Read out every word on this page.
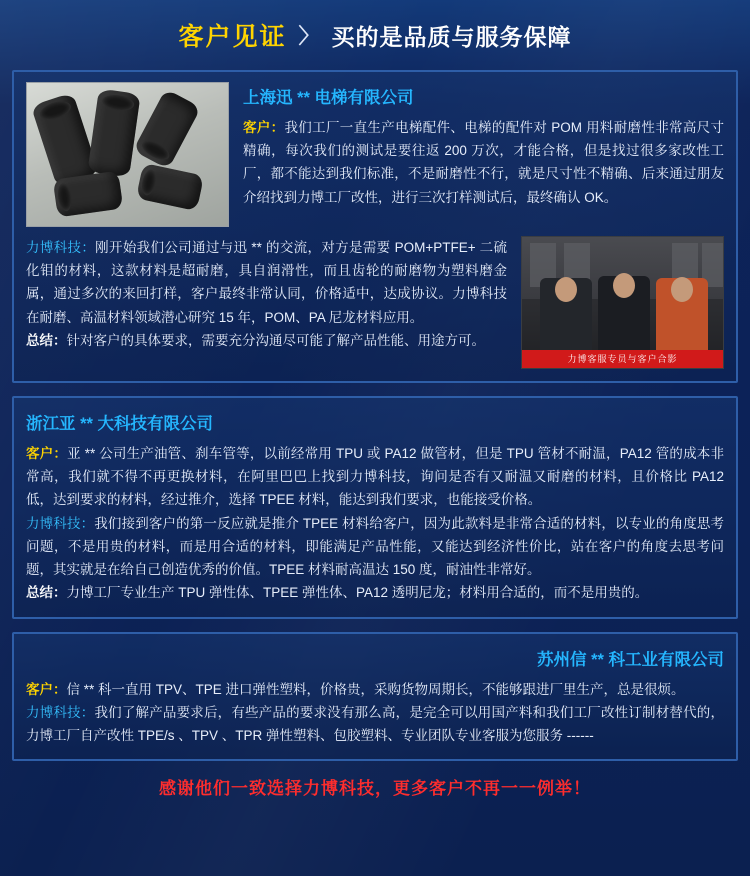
客户见证 〉 买的是品质与服务保障
上海迅 ** 电梯有限公司
客户：我们工厂一直生产电梯配件、电梯的配件对 POM 用料耐磨性非常高尺寸精确，每次我们的测试是要往返 200 万次，才能合格，但是找过很多家改性工厂，都不能达到我们标准，不是耐磨性不行，就是尺寸性不精确、后来通过朋友介绍找到力博工厂改性，进行三次打样测试后，最终确认 OK。
力博科技：刚开始我们公司通过与迅 ** 的交流，对方是需要 POM+PTFE+ 二硫化钼的材料，这款材料是超耐磨，具自润滑性，而且齿轮的耐磨物为塑料磨金属，通过多次的来回打样，客户最终非常认同，价格适中，达成协议。力博科技在耐磨、高温材料领域潜心研究 15 年，POM、PA 尼龙材料应用。
总结：针对客户的具体要求，需要充分沟通尽可能了解产品性能、用途方可。
力博客服专员与客户合影
浙江亚 ** 大科技有限公司
客户：亚 ** 公司生产油管、刹车管等，以前经常用 TPU 或 PA12 做管材，但是 TPU 管材不耐温，PA12 管的成本非常高，我们就不得不再更换材料，在阿里巴巴上找到力博科技，询问是否有又耐温又耐磨的材料，且价格比 PA12 低，达到要求的材料，经过推介，选择 TPEE 材料，能达到我们要求，也能接受价格。
力博科技：我们接到客户的第一反应就是推介 TPEE 材料给客户，因为此款料是非常合适的材料，以专业的角度思考问题，不是用贵的材料，而是用合适的材料，即能满足产品性能，又能达到经济性价比，站在客户的角度去思考问题，其实就是在给自己创造优秀的价值。TPEE 材料耐高温达 150 度，耐油性非常好。
总结：力博工厂专业生产 TPU 弹性体、TPEE 弹性体、PA12 透明尼龙；材料用合适的，而不是用贵的。
苏州信 ** 科工业有限公司
客户：信 ** 科一直用 TPV、TPE 进口弹性塑料，价格贵，采购货物周期长，不能够跟进厂里生产，总是很烦。
力博科技：我们了解产品要求后，有些产品的要求没有那么高，是完全可以用国产料和我们工厂改性订制材替代的，力博工厂自产改性 TPE/s 、TPV 、TPR 弹性塑料、包胶塑料、专业团队专业客服为您服务 ------
感谢他们一致选择力博科技，更多客户不再一一例举！
